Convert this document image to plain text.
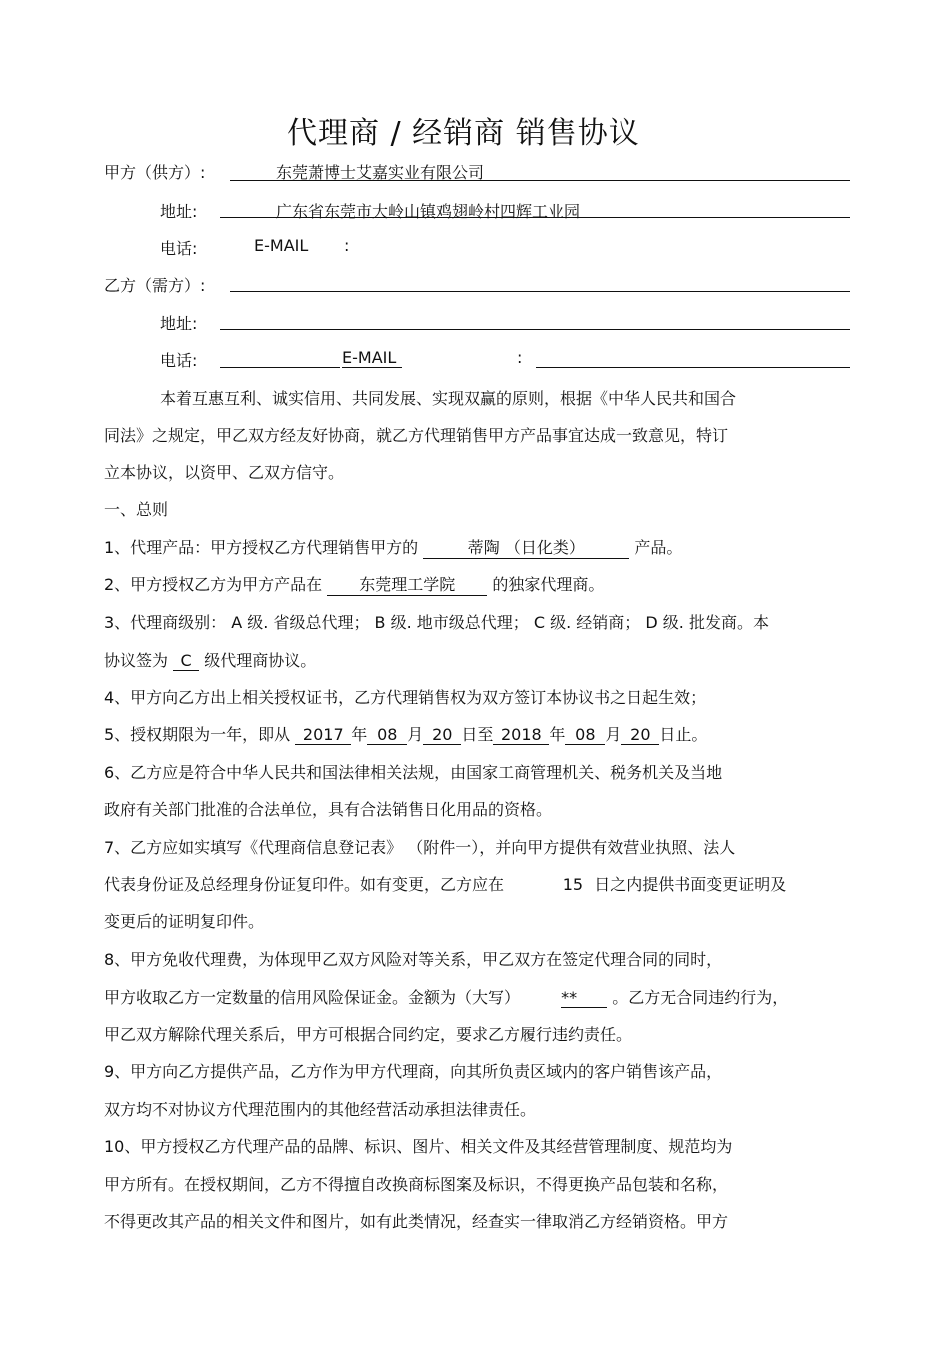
代理商 / 经销商 销售协议
甲方（供方）:	东莞萧博士艾嘉实业有限公司
地址:	广东省东莞市大岭山镇鸡翅岭村四辉工业园
电话:	E-MAIL :
乙方（需方）:
地址:
电话:	E-MAIL	:
本着互惠互利、诚实信用、共同发展、实现双赢的原则，根据《中华人民共和国合
同法》之规定，甲乙双方经友好协商，就乙方代理销售甲方产品事宜达成一致意见，特订
立本协议，以资甲、乙双方信守。
一、总则
1、代理产品：甲方授权乙方代理销售甲方的	蒂陶 （日化类）	产品。
2、甲方授权乙方为甲方产品在 东莞理工学院 的独家代理商。
3、代理商级别： A 级. 省级总代理； B 级. 地市级总代理； C 级. 经销商； D 级. 批发商。本
协议签为 C 级代理商协议。
4、甲方向乙方出上相关授权证书，乙方代理销售权为双方签订本协议书之日起生效；
5、授权期限为一年，即从 2017 年 08 月 20 日至 2018 年 08 月 20 日止。
6、乙方应是符合中华人民共和国法律相关法规，由国家工商管理机关、税务机关及当地
政府有关部门批准的合法单位，具有合法销售日化用品的资格。
7、乙方应如实填写《代理商信息登记表》 （附件一），并向甲方提供有效营业执照、法人
代表身份证及总经理身份证复印件。如有变更，乙方应在	15 日之内提供书面变更证明及
变更后的证明复印件。
8、甲方免收代理费，为体现甲乙双方风险对等关系，甲乙双方在签定代理合同的同时，
甲方收取乙方一定数量的信用风险保证金。金额为（大写）	** 。乙方无合同违约行为，
甲乙双方解除代理关系后，甲方可根据合同约定，要求乙方履行违约责任。
9、甲方向乙方提供产品，乙方作为甲方代理商，向其所负责区域内的客户销售该产品，
双方均不对协议方代理范围内的其他经营活动承担法律责任。
10、甲方授权乙方代理产品的品牌、标识、图片、相关文件及其经营管理制度、规范均为
甲方所有。在授权期间，乙方不得擅自改换商标图案及标识，不得更换产品包装和名称，
不得更改其产品的相关文件和图片，如有此类情况，经查实一律取消乙方经销资格。甲方
